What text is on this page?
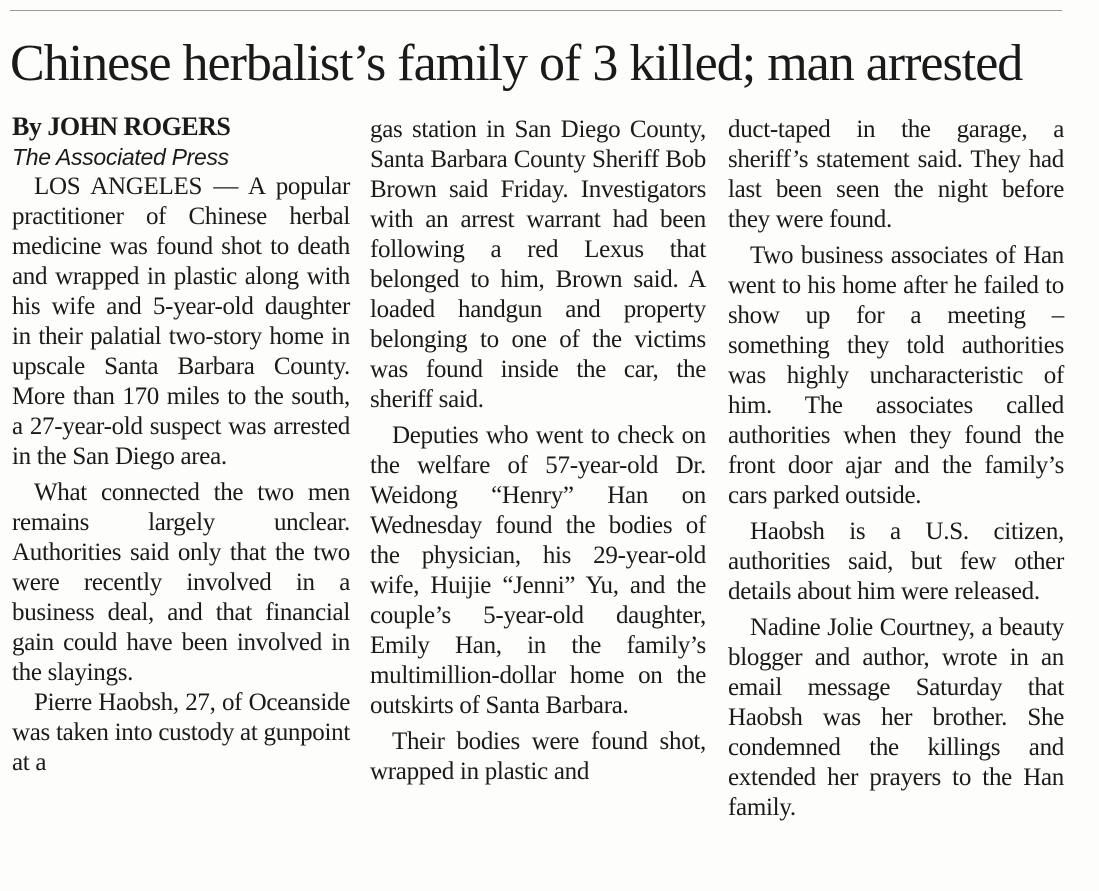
Chinese herbalist’s family of 3 killed; man arrested

By JOHN ROGERS

The Associated Press

LOS ANGELES — A popular practitioner of Chinese herbal medicine was found shot to death and wrapped in plastic along with his wife and 5-year-old daughter in their palatial two-story home in upscale Santa Barbara County. More than 170 miles to the south, a 27-year-old suspect was arrested in the San Diego area.

What connected the two men remains largely unclear. Authorities said only that the two were recently involved in a business deal, and that financial gain could have been involved in the slayings.

Pierre Haobsh, 27, of Oceanside was taken into custody at gunpoint at a

gas station in San Diego County, Santa Barbara County Sheriff Bob Brown said Friday. Investigators with an arrest warrant had been following a red Lexus that belonged to him, Brown said. A loaded handgun and property belonging to one of the victims was found inside the car, the sheriff said.

Deputies who went to check on the welfare of 57-year-old Dr. Weidong “Henry” Han on Wednesday found the bodies of the physician, his 29-year-old wife, Huijie “Jenni” Yu, and the couple’s 5-year-old daughter, Emily Han, in the family’s multimillion-dollar home on the outskirts of Santa Barbara.

Their bodies were found shot, wrapped in plastic and

duct-taped in the garage, a sheriff’s statement said. They had last been seen the night before they were found.

Two business associates of Han went to his home after he failed to show up for a meeting – something they told authorities was highly uncharacteristic of him. The associates called authorities when they found the front door ajar and the family’s cars parked outside.

Haobsh is a U.S. citizen, authorities said, but few other details about him were released.

Nadine Jolie Courtney, a beauty blogger and author, wrote in an email message Saturday that Haobsh was her brother. She condemned the killings and extended her prayers to the Han family.
